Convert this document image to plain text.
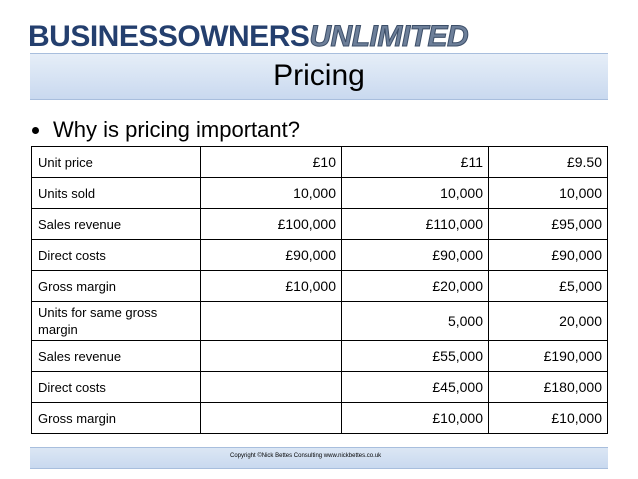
BUSINESSOWNERSUNLIMITED
Pricing
Why is pricing important?
Unit price	£10	£11	£9.50
Units sold	10,000	10,000	10,000
Sales revenue	£100,000	£110,000	£95,000
Direct costs	£90,000	£90,000	£90,000
Gross margin	£10,000	£20,000	£5,000
Units for same gross margin		5,000	20,000
Sales revenue		£55,000	£190,000
Direct costs		£45,000	£180,000
Gross margin		£10,000	£10,000
Copyright ©Nick Bettes Consulting www.nickbettes.co.uk
